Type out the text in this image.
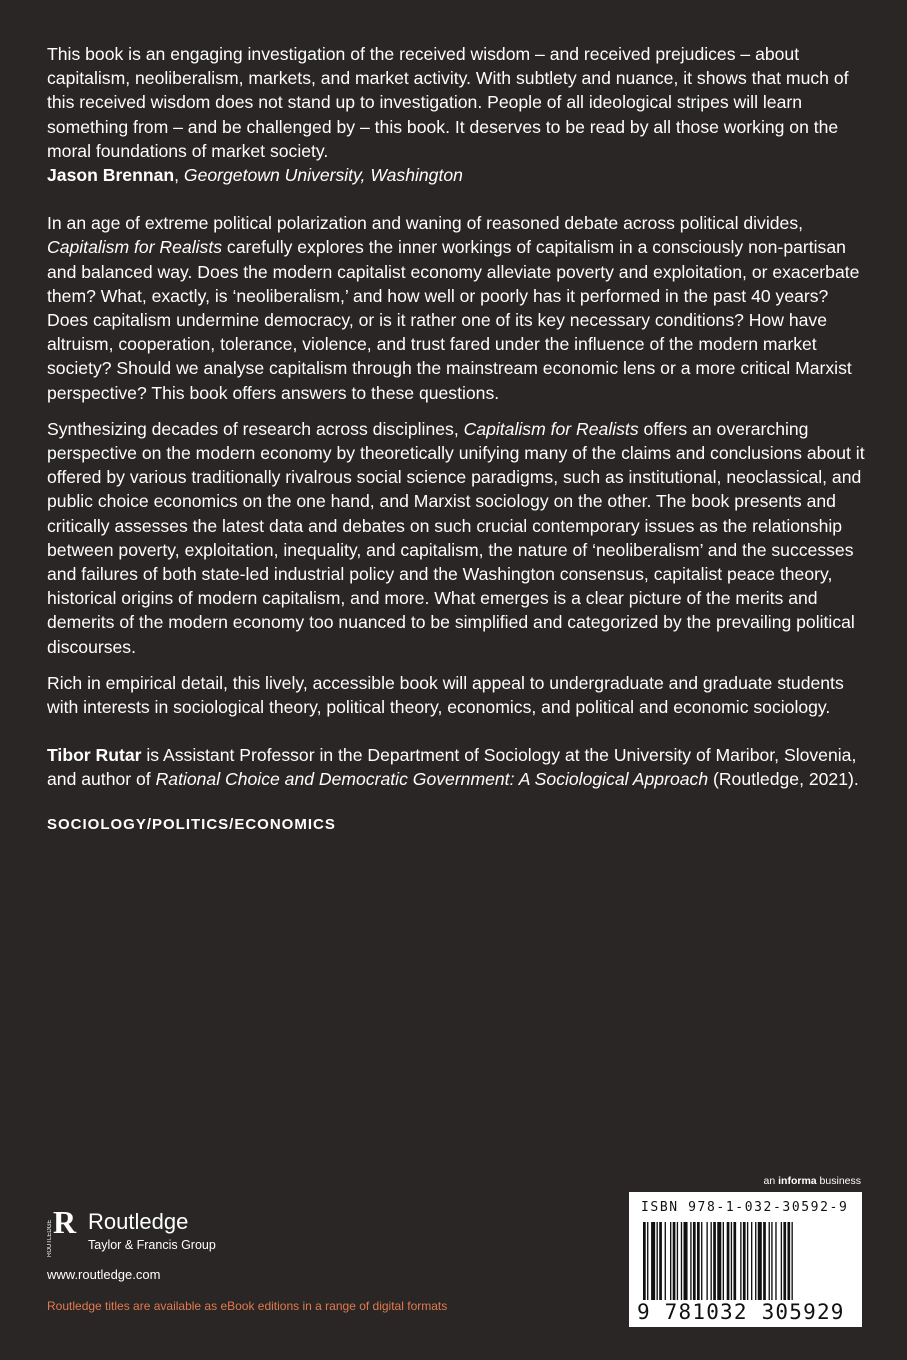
This book is an engaging investigation of the received wisdom – and received prejudices – about capitalism, neoliberalism, markets, and market activity. With subtlety and nuance, it shows that much of this received wisdom does not stand up to investigation. People of all ideological stripes will learn something from – and be challenged by – this book. It deserves to be read by all those working on the moral foundations of market society.
Jason Brennan, Georgetown University, Washington

In an age of extreme political polarization and waning of reasoned debate across political divides, Capitalism for Realists carefully explores the inner workings of capitalism in a consciously non-partisan and balanced way. Does the modern capitalist economy alleviate poverty and exploitation, or exacerbate them? What, exactly, is ‘neoliberalism,’ and how well or poorly has it performed in the past 40 years? Does capitalism undermine democracy, or is it rather one of its key necessary conditions? How have altruism, cooperation, tolerance, violence, and trust fared under the influence of the modern market society? Should we analyse capitalism through the mainstream economic lens or a more critical Marxist perspective? This book offers answers to these questions.

Synthesizing decades of research across disciplines, Capitalism for Realists offers an overarching perspective on the modern economy by theoretically unifying many of the claims and conclusions about it offered by various traditionally rivalrous social science paradigms, such as institutional, neoclassical, and public choice economics on the one hand, and Marxist sociology on the other. The book presents and critically assesses the latest data and debates on such crucial contemporary issues as the relationship between poverty, exploitation, inequality, and capitalism, the nature of ‘neoliberalism’ and the successes and failures of both state-led industrial policy and the Washington consensus, capitalist peace theory, historical origins of modern capitalism, and more. What emerges is a clear picture of the merits and demerits of the modern economy too nuanced to be simplified and categorized by the prevailing political discourses.

Rich in empirical detail, this lively, accessible book will appeal to undergraduate and graduate students with interests in sociological theory, political theory, economics, and political and economic sociology.

Tibor Rutar is Assistant Professor in the Department of Sociology at the University of Maribor, Slovenia, and author of Rational Choice and Democratic Government: A Sociological Approach (Routledge, 2021).

SOCIOLOGY/POLITICS/ECONOMICS
an informa business
ISBN 978-1-032-30592-9
9 781032 305929
R
ROUTLEDGE Routledge
Taylor & Francis Group
www.routledge.com
Routledge titles are available as eBook editions in a range of digital formats
